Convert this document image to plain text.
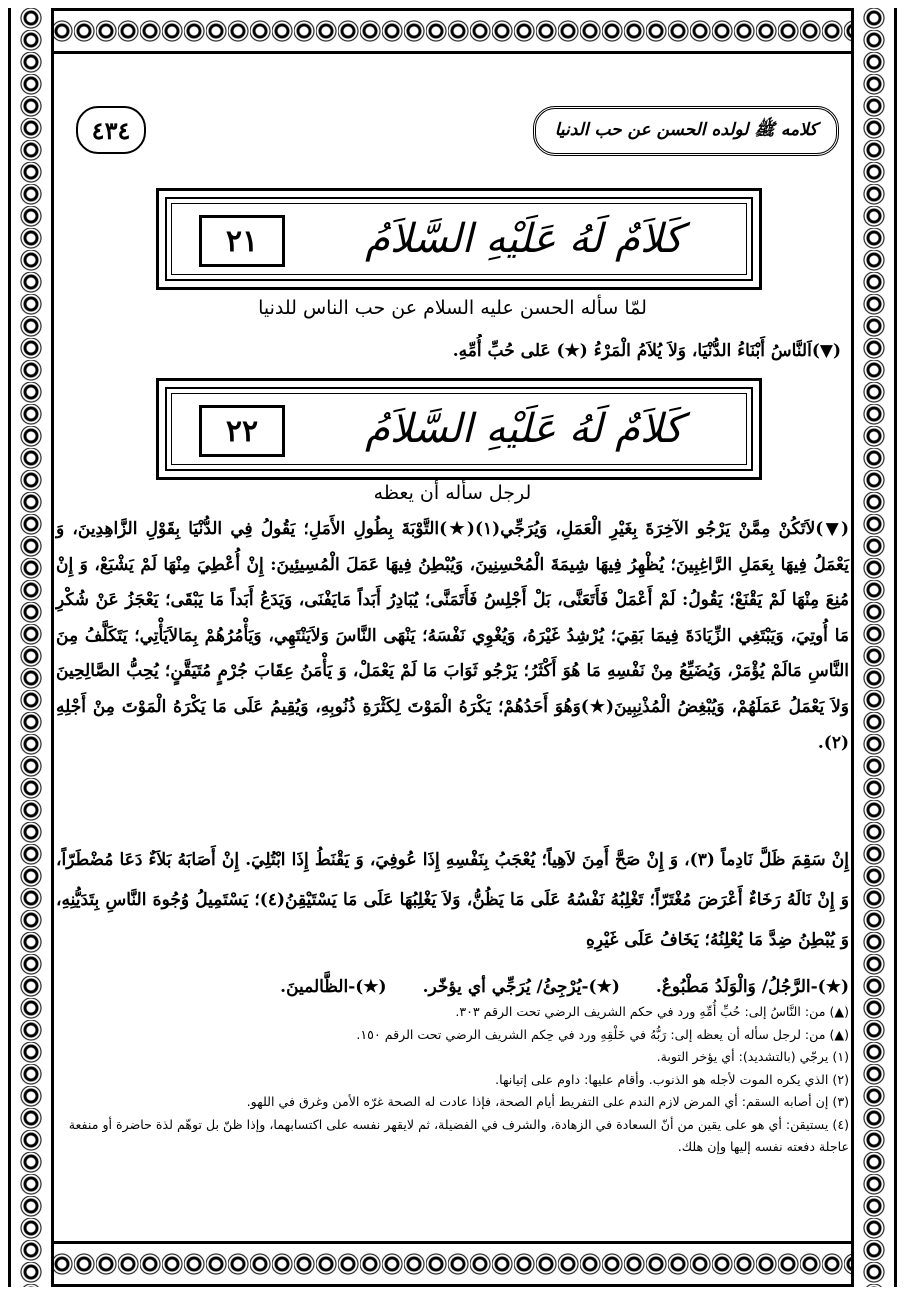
كلامه ﷺ لولده الحسن عن حب الدنيا
٤٣٤
كَلاَمٌ لَهُ عَلَيْهِ السَّلاَمُ
٢١
لمّا سأله الحسن عليه السلام عن حب الناس للدنيا
(▼)اَلنَّاسُ أَبْنَاءُ الدُّنْيَا، وَلاَ يُلاَمُ الْمَرْءُ (★) عَلى حُبِّ أُمِّهِ.
كَلاَمٌ لَهُ عَلَيْهِ السَّلاَمُ
٢٢
لرجل سأله أن يعظه

(▼)لاَتَكُنْ مِمَّنْ يَرْجُو الآخِرَةَ بِغَيْرِ الْعَمَلِ، وَيُرَجِّي(١)(★)التَّوْبَةَ بِطُولِ الأَمَلِ؛ يَقُولُ فِي الدُّنْيَا بِقَوْلِ الزَّاهِدِينَ، وَ يَعْمَلُ فِيهَا بِعَمَلِ الرَّاغِبِينَ؛ يُظْهِرُ فِيهَا شِيمَةَ الْمُحْسِنِينَ، وَيُبْطِنُ فِيهَا عَمَلَ الْمُسِيئِينَ: إِنْ أُعْطِيَ مِنْهَا لَمْ يَشْبَعْ، وَ إِنْ مُنِعَ مِنْهَا لَمْ يَقْنَعْ؛ يَقُولُ: لَمْ أَعْمَلْ فَأَتَعَنَّى، بَلْ أَجْلِسُ فَأَتَمَنَّى؛ يُبَادِرُ أَبَداً مَايَفْنَى، وَيَدَعُ أَبَداً مَا يَبْقَى؛ يَعْجَزُ عَنْ شُكْرِ مَا أُوتِيَ، وَيَبْتَغِي الزِّيَادَةَ فِيمَا بَقِيَ؛ يُرْشِدُ غَيْرَهُ، وَيُغْوِي نَفْسَهُ؛ يَنْهَى النَّاسَ وَلاَيَنْتَهِي، وَيَأْمُرُهُمْ بِمَالاَيَأْتِي؛ يَتَكَلَّفُ مِنَ النَّاسِ مَالَمْ يُؤْمَرْ، وَيُضَيِّعُ مِنْ نَفْسِهِ مَا هُوَ أَكْثَرُ؛ يَرْجُو ثَوَابَ مَا لَمْ يَعْمَلْ، وَ يَأْمَنُ عِقَابَ جُرْمٍ مُتَيَقَّنٍ؛ يُحِبُّ الصَّالِحِينَ وَلاَ يَعْمَلُ عَمَلَهُمْ، وَيُبْغِضُ الْمُذْنِبِينَ(★)وَهُوَ أَحَدُهُمْ؛ يَكْرَهُ الْمَوْتَ لِكَثْرَةِ ذُنُوبِهِ، وَيُقِيمُ عَلَى مَا يَكْرَهُ الْمَوْتَ مِنْ أَجْلِهِ (٢).

إِنْ سَقِمَ ظَلَّ نَادِماً (٣)، وَ إِنْ صَحَّ أَمِنَ لاَهِياً؛ يُعْجَبُ بِنَفْسِهِ إِذَا عُوفِيَ، وَ يَقْنَطُ إِذَا ابْتُلِيَ. إِنْ أَصَابَهُ بَلاَءٌ دَعَا مُضْطَرّاً، وَ إِنْ نَالَهُ رَخَاءٌ أَعْرَضَ مُغْتَرّاً؛ تَغْلِبُهُ نَفْسُهُ عَلَى مَا يَظُنُّ، وَلاَ يَغْلِبُهَا عَلَى مَا يَسْتَيْقِنُ(٤)؛ يَسْتَمِيلُ وُجُوهَ النَّاسِ بِتَدَيُّنِهِ، وَ يُبْطِنُ ضِدَّ مَا يُعْلِنُهُ؛ يَخَافُ عَلَى غَيْرِهِ

(★)-الرَّجُلُ/ وَالْوَلَدُ مَطْبُوعٌ.
(★)-يُرْجِئُ/ يُرَجِّي أي يؤخّر.
(★)-الظَّالمينَ.

(▲) من: النَّاسُ إلى: حُبِّ أُمِّهِ ورد في حكم الشريف الرضي تحت الرقم ٣٠٣.

(▲) من: لرجل سأله أن يعظه إلى: رَبُّهُ في خَلْقِهِ ورد في حِكم الشريف الرضي تحت الرقم ١٥٠.

(١) يرجّي (بالتشديد): أي يؤخر التوبة.

(٢) الذي يكره الموت لأجله هو الذنوب. وأقام عليها: داوم على إتيانها.

(٣) إن أصابه السقم: أي المرض لازم الندم على التفريط أيام الصحة، فإذا عادت له الصحة غرّه الأمن وغرق في اللهو.

(٤) يستيقن: أي هو على يقين من أنّ السعادة في الزهادة، والشرف في الفضيلة، ثم لايقهر نفسه على اكتسابهما، وإذا ظنّ بل توهّم لذة حاضرة أو منفعة عاجلة دفعته نفسه إليها وإن هلك.
